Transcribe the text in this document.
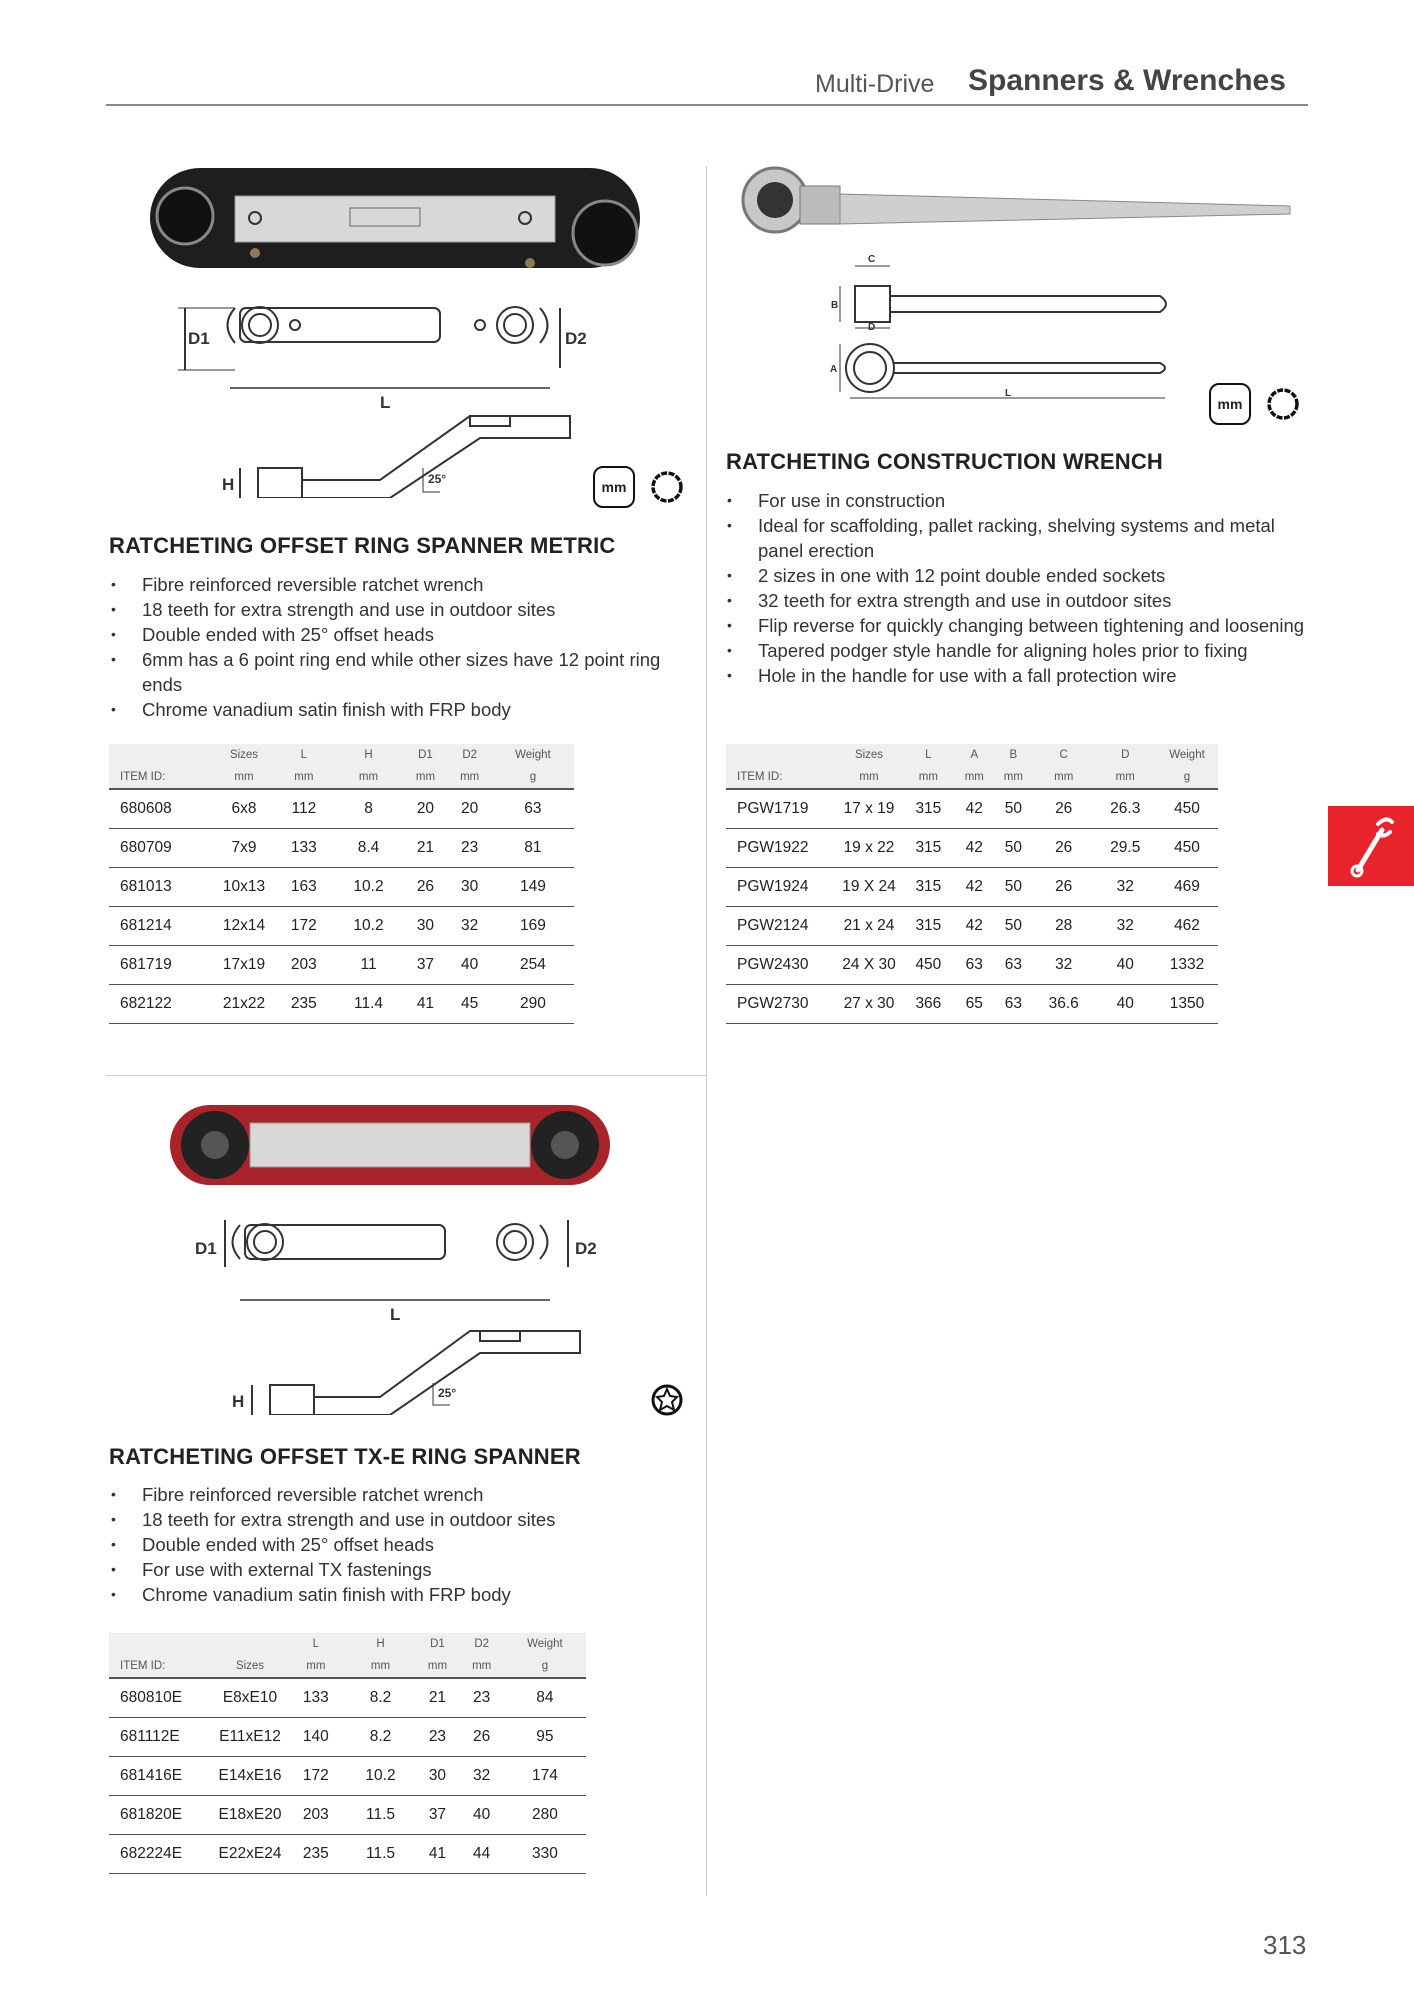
Multi-Drive Spanners & Wrenches
D1	D2
L
H	25°	mm
RATCHETING OFFSET RING SPANNER METRIC
• Fibre reinforced reversible ratchet wrench
• 18 teeth for extra strength and use in outdoor sites
• Double ended with 25° offset heads
• 6mm has a 6 point ring end while other sizes have 12 point ring ends
• Chrome vanadium satin finish with FRP body
	Sizes	L	H	D1	D2	Weight
ITEM ID:	mm	mm	mm	mm	mm	g
680608	6x8	112	8	20	20	63
680709	7x9	133	8.4	21	23	81
681013	10x13	163	10.2	26	30	149
681214	12x14	172	10.2	30	32	169
681719	17x19	203	11	37	40	254
682122	21x22	235	11.4	41	45	290
C
B
D
A
L
mm
RATCHETING CONSTRUCTION WRENCH
• For use in construction
• Ideal for scaffolding, pallet racking, shelving systems and metal panel erection
• 2 sizes in one with 12 point double ended sockets
• 32 teeth for extra strength and use in outdoor sites
• Flip reverse for quickly changing between tightening and loosening
• Tapered podger style handle for aligning holes prior to fixing
• Hole in the handle for use with a fall protection wire
	Sizes	L	A	B	C	D	Weight
ITEM ID:	mm	mm	mm	mm	mm	mm	g
PGW1719	17 x 19	315	42	50	26	26.3	450
PGW1922	19 x 22	315	42	50	26	29.5	450
PGW1924	19 X 24	315	42	50	26	32	469
PGW2124	21 x 24	315	42	50	28	32	462
PGW2430	24 X 30	450	63	63	32	40	1332
PGW2730	27 x 30	366	65	63	36.6	40	1350
D1	D2
L
H	25°
RATCHETING OFFSET TX-E RING SPANNER
• Fibre reinforced reversible ratchet wrench
• 18 teeth for extra strength and use in outdoor sites
• Double ended with 25° offset heads
• For use with external TX fastenings
• Chrome vanadium satin finish with FRP body
		L	H	D1	D2	Weight
ITEM ID:	Sizes	mm	mm	mm	mm	g
680810E	E8xE10	133	8.2	21	23	84
681112E	E11xE12	140	8.2	23	26	95
681416E	E14xE16	172	10.2	30	32	174
681820E	E18xE20	203	11.5	37	40	280
682224E	E22xE24	235	11.5	41	44	330
313
